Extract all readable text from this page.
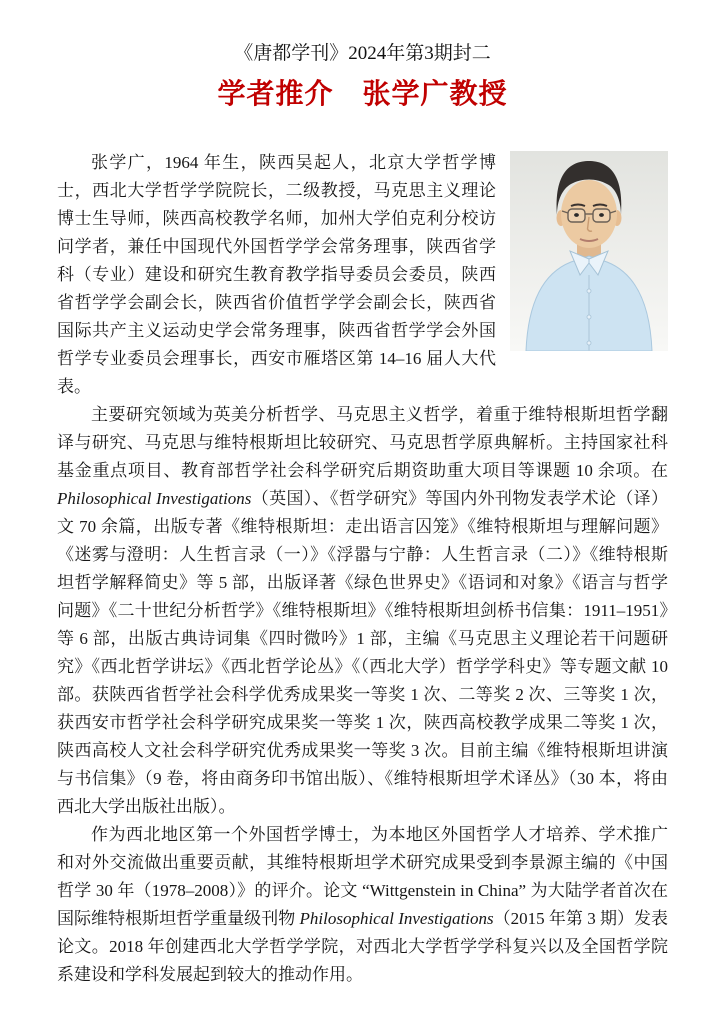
《唐都学刊》2024年第3期封二
学者推介　张学广教授

张学广，1964 年生，陕西吴起人，北京大学哲学博士，西北大学哲学学院院长，二级教授，马克思主义理论博士生导师，陕西高校教学名师，加州大学伯克利分校访问学者，兼任中国现代外国哲学学会常务理事，陕西省学科（专业）建设和研究生教育教学指导委员会委员，陕西省哲学学会副会长，陕西省价值哲学学会副会长，陕西省国际共产主义运动史学会常务理事，陕西省哲学学会外国哲学专业委员会理事长，西安市雁塔区第 14–16 届人大代表。

主要研究领域为英美分析哲学、马克思主义哲学，着重于维特根斯坦哲学翻译与研究、马克思与维特根斯坦比较研究、马克思哲学原典解析。主持国家社科基金重点项目、教育部哲学社会科学研究后期资助重大项目等课题 10 余项。在 Philosophical Investigations（英国）、《哲学研究》等国内外刊物发表学术论（译）文 70 余篇，出版专著《维特根斯坦：走出语言囚笼》《维特根斯坦与理解问题》《迷雾与澄明：人生哲言录（一）》《浮嚣与宁静：人生哲言录（二）》《维特根斯坦哲学解释简史》等 5 部，出版译著《绿色世界史》《语词和对象》《语言与哲学问题》《二十世纪分析哲学》《维特根斯坦》《维特根斯坦剑桥书信集：1911–1951》等 6 部，出版古典诗词集《四时微吟》1 部，主编《马克思主义理论若干问题研究》《西北哲学讲坛》《西北哲学论丛》《（西北大学）哲学学科史》等专题文献 10 部。获陕西省哲学社会科学优秀成果奖一等奖 1 次、二等奖 2 次、三等奖 1 次，获西安市哲学社会科学研究成果奖一等奖 1 次，陕西高校教学成果二等奖 1 次，陕西高校人文社会科学研究优秀成果奖一等奖 3 次。目前主编《维特根斯坦讲演与书信集》（9 卷，将由商务印书馆出版）、《维特根斯坦学术译丛》（30 本，将由西北大学出版社出版）。

作为西北地区第一个外国哲学博士，为本地区外国哲学人才培养、学术推广和对外交流做出重要贡献，其维特根斯坦学术研究成果受到李景源主编的《中国哲学 30 年（1978–2008）》的评介。论文 “Wittgenstein in China” 为大陆学者首次在国际维特根斯坦哲学重量级刊物 Philosophical Investigations（2015 年第 3 期）发表论文。2018 年创建西北大学哲学学院，对西北大学哲学学科复兴以及全国哲学院系建设和学科发展起到较大的推动作用。
